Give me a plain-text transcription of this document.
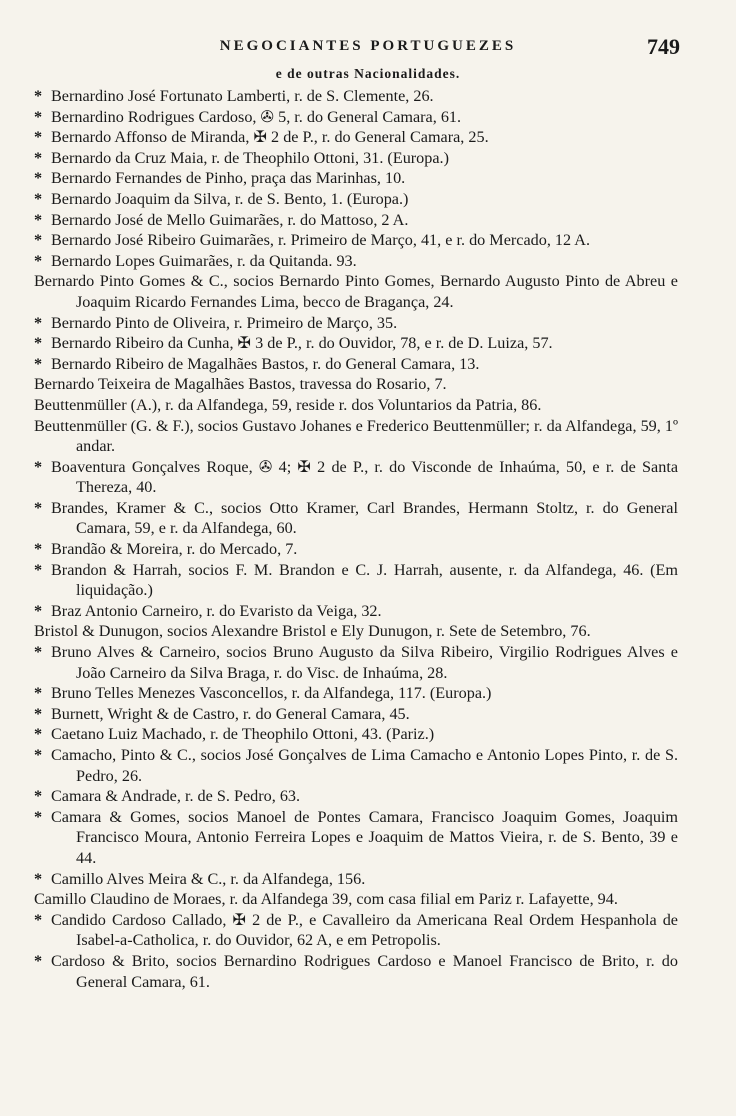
NEGOCIANTES PORTUGUEZES	749
e de outras Nacionalidades.
* Bernardino José Fortunato Lamberti, r. de S. Clemente, 26.
* Bernardino Rodrigues Cardoso, ✇ 5, r. do General Camara, 61.
* Bernardo Affonso de Miranda, ✠ 2 de P., r. do General Camara, 25.
* Bernardo da Cruz Maia, r. de Theophilo Ottoni, 31. (Europa.)
* Bernardo Fernandes de Pinho, praça das Marinhas, 10.
* Bernardo Joaquim da Silva, r. de S. Bento, 1. (Europa.)
* Bernardo José de Mello Guimarães, r. do Mattoso, 2 A.
* Bernardo José Ribeiro Guimarães, r. Primeiro de Março, 41, e r. do Mercado, 12 A.
* Bernardo Lopes Guimarães, r. da Quitanda. 93.
Bernardo Pinto Gomes & C., socios Bernardo Pinto Gomes, Bernardo Augusto Pinto de Abreu e Joaquim Ricardo Fernandes Lima, becco de Bragança, 24.
* Bernardo Pinto de Oliveira, r. Primeiro de Março, 35.
* Bernardo Ribeiro da Cunha, ✠ 3 de P., r. do Ouvidor, 78, e r. de D. Luiza, 57.
* Bernardo Ribeiro de Magalhães Bastos, r. do General Camara, 13.
Bernardo Teixeira de Magalhães Bastos, travessa do Rosario, 7.
Beuttenmüller (A.), r. da Alfandega, 59, reside r. dos Voluntarios da Patria, 86.
Beuttenmüller (G. & F.), socios Gustavo Johanes e Frederico Beuttenmüller; r. da Alfandega, 59, 1º andar.
* Boaventura Gonçalves Roque, ✇ 4; ✠ 2 de P., r. do Visconde de Inhaúma, 50, e r. de Santa Thereza, 40.
* Brandes, Kramer & C., socios Otto Kramer, Carl Brandes, Hermann Stoltz, r. do General Camara, 59, e r. da Alfandega, 60.
* Brandão & Moreira, r. do Mercado, 7.
* Brandon & Harrah, socios F. M. Brandon e C. J. Harrah, ausente, r. da Alfandega, 46. (Em liquidação.)
* Braz Antonio Carneiro, r. do Evaristo da Veiga, 32.
Bristol & Dunugon, socios Alexandre Bristol e Ely Dunugon, r. Sete de Setembro, 76.
* Bruno Alves & Carneiro, socios Bruno Augusto da Silva Ribeiro, Virgilio Rodrigues Alves e João Carneiro da Silva Braga, r. do Visc. de Inhaúma, 28.
* Bruno Telles Menezes Vasconcellos, r. da Alfandega, 117. (Europa.)
* Burnett, Wright & de Castro, r. do General Camara, 45.
* Caetano Luiz Machado, r. de Theophilo Ottoni, 43. (Pariz.)
* Camacho, Pinto & C., socios José Gonçalves de Lima Camacho e Antonio Lopes Pinto, r. de S. Pedro, 26.
* Camara & Andrade, r. de S. Pedro, 63.
* Camara & Gomes, socios Manoel de Pontes Camara, Francisco Joaquim Gomes, Joaquim Francisco Moura, Antonio Ferreira Lopes e Joaquim de Mattos Vieira, r. de S. Bento, 39 e 44.
* Camillo Alves Meira & C., r. da Alfandega, 156.
Camillo Claudino de Moraes, r. da Alfandega 39, com casa filial em Pariz r. Lafayette, 94.
* Candido Cardoso Callado, ✠ 2 de P., e Cavalleiro da Americana Real Ordem Hespanhola de Isabel-a-Catholica, r. do Ouvidor, 62 A, e em Petropolis.
* Cardoso & Brito, socios Bernardino Rodrigues Cardoso e Manoel Francisco de Brito, r. do General Camara, 61.
